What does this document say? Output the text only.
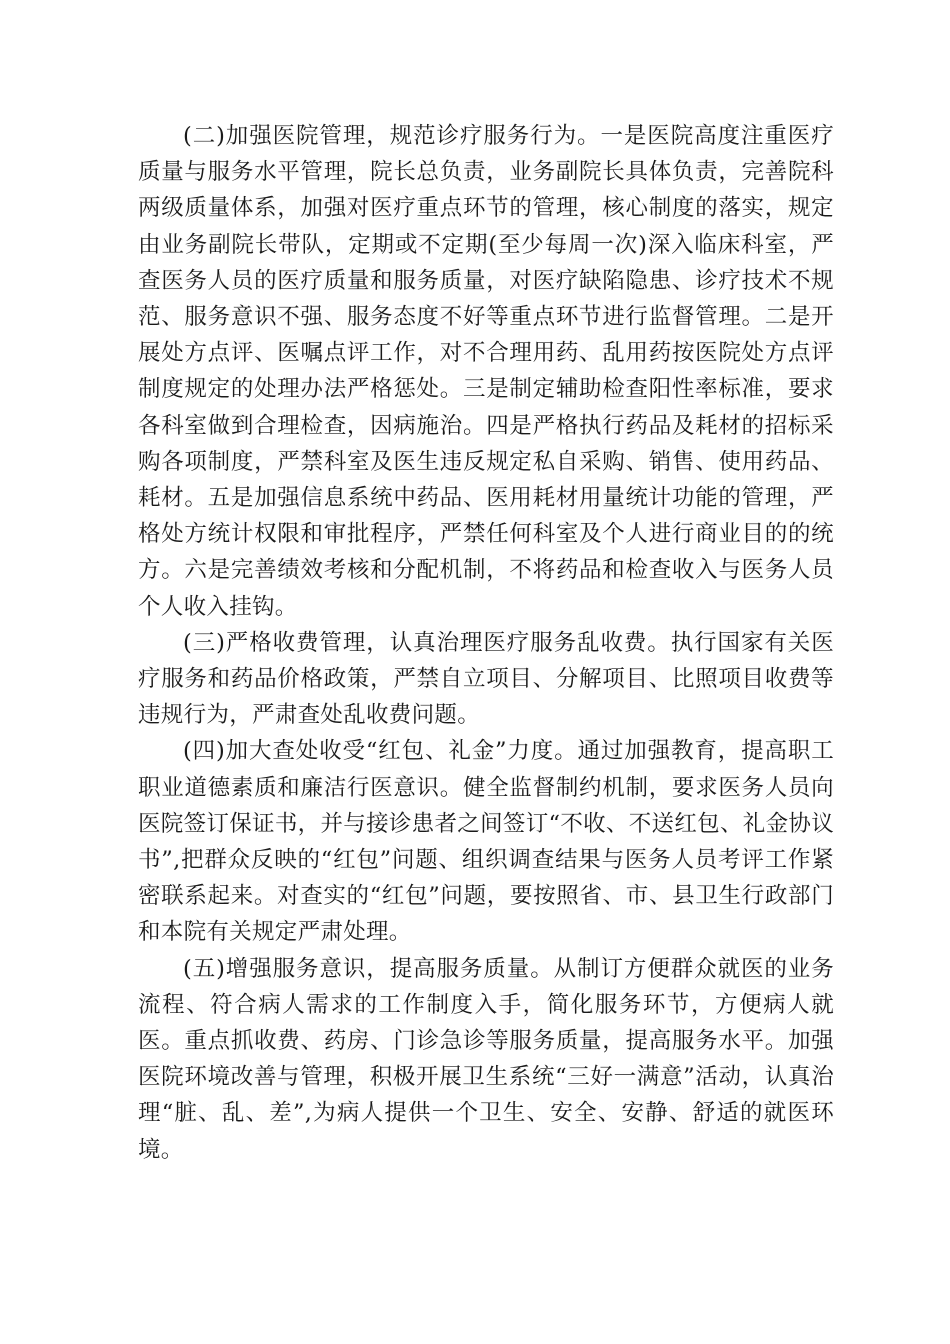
(二)加强医院管理，规范诊疗服务行为。一是医院高度注重医疗质量与服务水平管理，院长总负责，业务副院长具体负责，完善院科两级质量体系，加强对医疗重点环节的管理，核心制度的落实，规定由业务副院长带队，定期或不定期(至少每周一次)深入临床科室，严查医务人员的医疗质量和服务质量，对医疗缺陷隐患、诊疗技术不规范、服务意识不强、服务态度不好等重点环节进行监督管理。二是开展处方点评、医嘱点评工作，对不合理用药、乱用药按医院处方点评制度规定的处理办法严格惩处。三是制定辅助检查阳性率标准，要求各科室做到合理检查，因病施治。四是严格执行药品及耗材的招标采购各项制度，严禁科室及医生违反规定私自采购、销售、使用药品、耗材。五是加强信息系统中药品、医用耗材用量统计功能的管理，严格处方统计权限和审批程序，严禁任何科室及个人进行商业目的的统方。六是完善绩效考核和分配机制，不将药品和检查收入与医务人员个人收入挂钩。

(三)严格收费管理，认真治理医疗服务乱收费。执行国家有关医疗服务和药品价格政策，严禁自立项目、分解项目、比照项目收费等违规行为，严肃查处乱收费问题。

(四)加大查处收受“红包、礼金”力度。通过加强教育，提高职工职业道德素质和廉洁行医意识。健全监督制约机制，要求医务人员向医院签订保证书，并与接诊患者之间签订“不收、不送红包、礼金协议书”,把群众反映的“红包”问题、组织调查结果与医务人员考评工作紧密联系起来。对查实的“红包”问题，要按照省、市、县卫生行政部门和本院有关规定严肃处理。

(五)增强服务意识，提高服务质量。从制订方便群众就医的业务流程、符合病人需求的工作制度入手，简化服务环节，方便病人就医。重点抓收费、药房、门诊急诊等服务质量，提高服务水平。加强医院环境改善与管理，积极开展卫生系统“三好一满意”活动，认真治理“脏、乱、差”,为病人提供一个卫生、安全、安静、舒适的就医环境。
